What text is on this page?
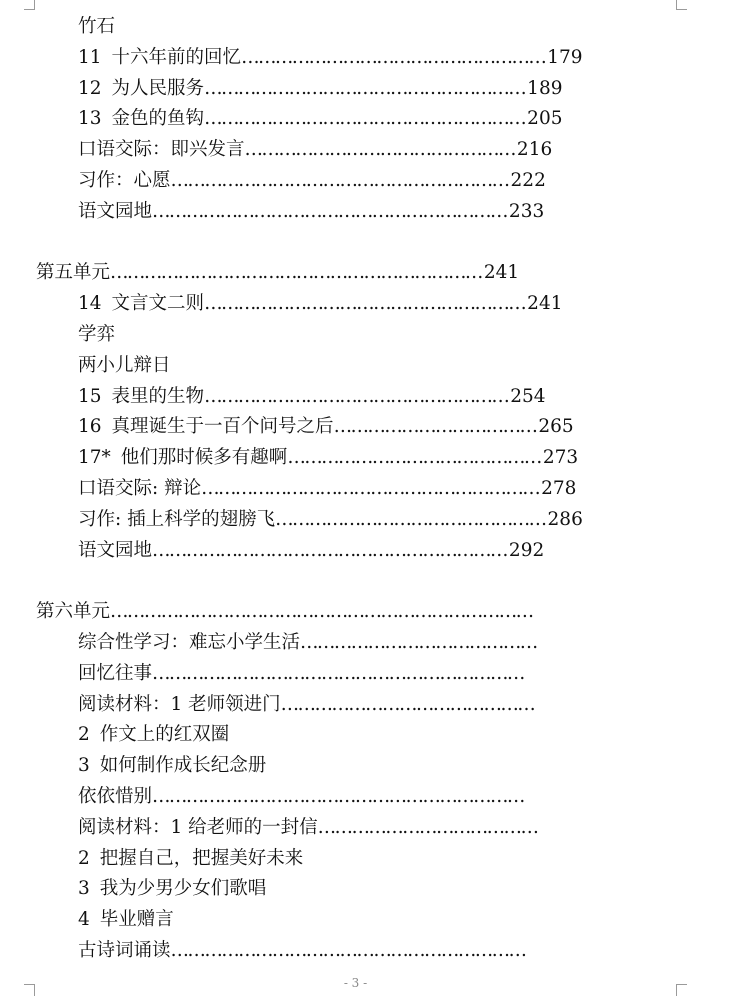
竹石
11 十六年前的回忆……………………………………………… 179
12 为人民服务………………………………………………… 189
13 金色的鱼钩………………………………………………… 205
口语交际：即兴发言………………………………………… 216
习作：心愿…………………………………………………… 222
语文园地……………………………………………………… 233
第五单元………………………………………………………… 241
14 文言文二则………………………………………………… 241
学弈
两小儿辩日
15 表里的生物……………………………………………… 254
16 真理诞生于一百个问号之后……………………………… 265
17* 他们那时候多有趣啊……………………………………… 273
口语交际: 辩论…………………………………………………… 278
习作: 插上科学的翅膀飞………………………………………… 286
语文园地……………………………………………………… 292
第六单元…………………………………………………………………
综合性学习：难忘小学生活……………………………………
回忆往事…………………………………………………………
阅读材料：1 老师领进门………………………………………
2 作文上的红双圈
3 如何制作成长纪念册
依依惜别…………………………………………………………
阅读材料：1 给老师的一封信…………………………………
2 把握自己，把握美好未来
3 我为少男少女们歌唱
4 毕业赠言
古诗词诵读………………………………………………………
- 3 -
